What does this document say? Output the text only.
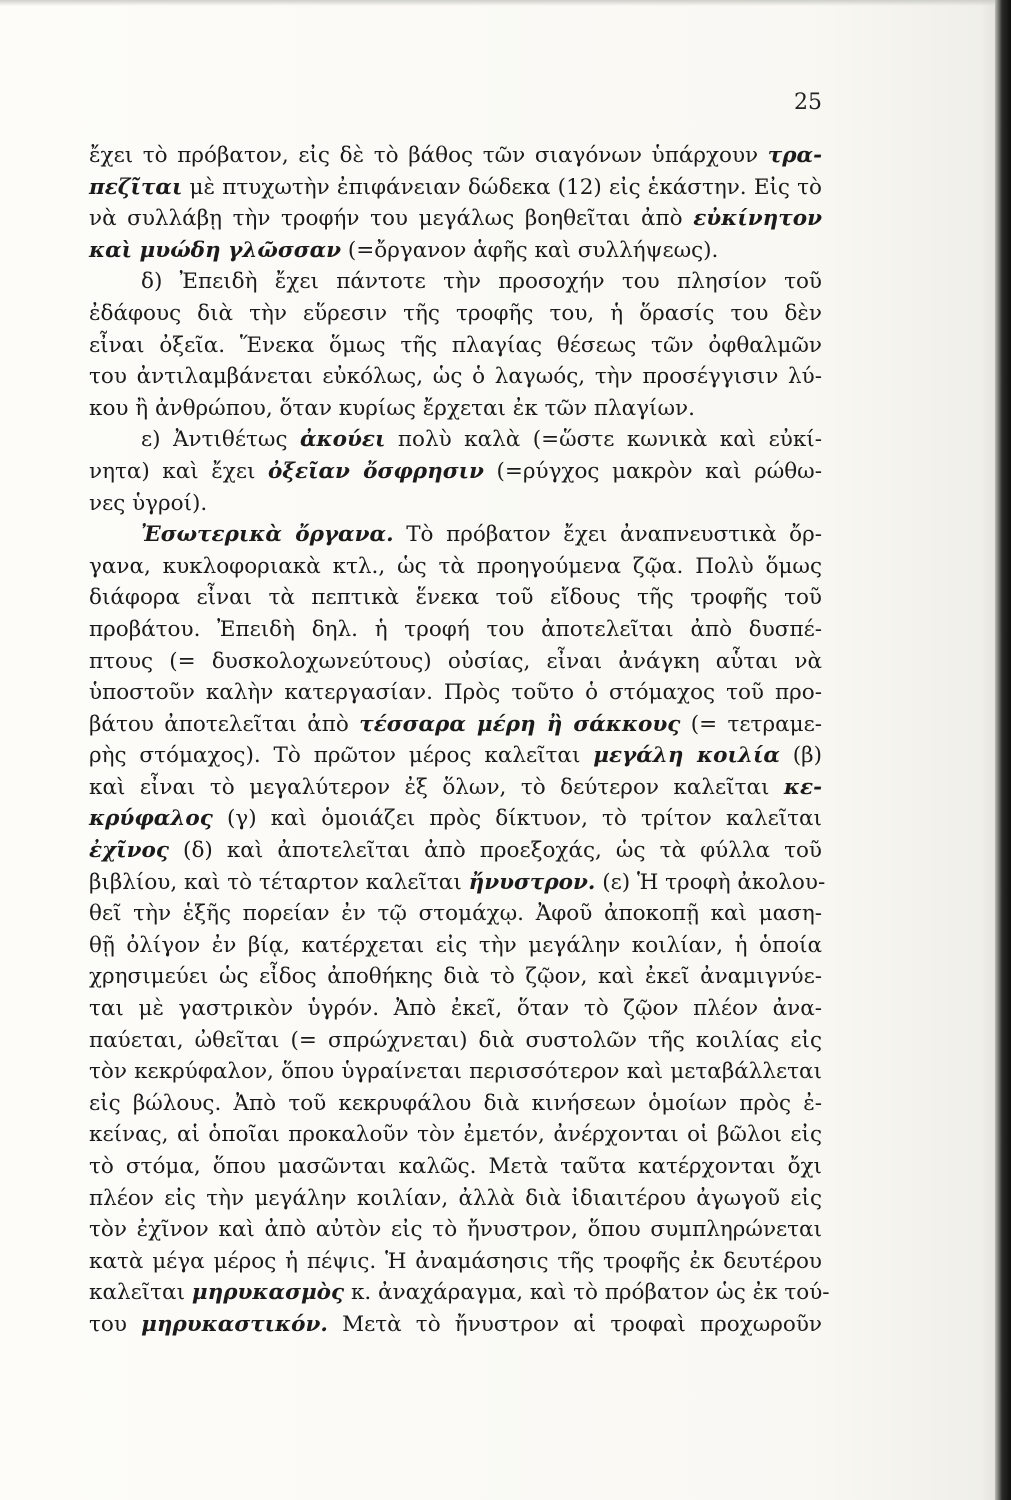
25
ἔχει τὸ πρόβατον, εἰς δὲ τὸ βάθος τῶν σιαγόνων ὑπάρχουν τρα-
πεζῖται μὲ πτυχωτὴν ἐπιφάνειαν δώδεκα (12) εἰς ἑκάστην. Εἰς τὸ
νὰ συλλάβῃ τὴν τροφήν του μεγάλως βοηθεῖται ἀπὸ εὐκίνητον
καὶ μυώδη γλῶσσαν (=ὄργανον ἁφῆς καὶ συλλήψεως).
δ) Ἐπειδὴ ἔχει πάντοτε τὴν προσοχήν του πλησίον τοῦ
ἐδάφους διὰ τὴν εὕρεσιν τῆς τροφῆς του, ἡ ὅρασίς του δὲν
εἶναι ὀξεῖα. Ἕνεκα ὅμως τῆς πλαγίας θέσεως τῶν ὀφθαλμῶν
του ἀντιλαμβάνεται εὐκόλως, ὡς ὁ λαγωός, τὴν προσέγγισιν λύ-
κου ἢ ἀνθρώπου, ὅταν κυρίως ἔρχεται ἐκ τῶν πλαγίων.
ε) Ἀντιθέτως ἀκούει πολὺ καλὰ (=ὥστε κωνικὰ καὶ εὐκί-
νητα) καὶ ἔχει ὀξεῖαν ὄσφρησιν (=ρύγχος μακρὸν καὶ ρώθω-
νες ὑγροί).
Ἐσωτερικὰ ὄργανα. Τὸ πρόβατον ἔχει ἀναπνευστικὰ ὄρ-
γανα, κυκλοφοριακὰ κτλ., ὡς τὰ προηγούμενα ζῷα. Πολὺ ὅμως
διάφορα εἶναι τὰ πεπτικὰ ἕνεκα τοῦ εἴδους τῆς τροφῆς τοῦ
προβάτου. Ἐπειδὴ δηλ. ἡ τροφή του ἀποτελεῖται ἀπὸ δυσπέ-
πτους (= δυσκολοχωνεύτους) οὐσίας, εἶναι ἀνάγκη αὗται νὰ
ὑποστοῦν καλὴν κατεργασίαν. Πρὸς τοῦτο ὁ στόμαχος τοῦ προ-
βάτου ἀποτελεῖται ἀπὸ τέσσαρα μέρη ἢ σάκκους (= τετραμε-
ρὴς στόμαχος). Τὸ πρῶτον μέρος καλεῖται μεγάλη κοιλία (β)
καὶ εἶναι τὸ μεγαλύτερον ἐξ ὅλων, τὸ δεύτερον καλεῖται κε-
κρύφαλος (γ) καὶ ὁμοιάζει πρὸς δίκτυον, τὸ τρίτον καλεῖται
ἐχῖνος (δ) καὶ ἀποτελεῖται ἀπὸ προεξοχάς, ὡς τὰ φύλλα τοῦ
βιβλίου, καὶ τὸ τέταρτον καλεῖται ἤνυστρον. (ε) Ἡ τροφὴ ἀκολου-
θεῖ τὴν ἑξῆς πορείαν ἐν τῷ στομάχῳ. Ἀφοῦ ἀποκοπῇ καὶ μαση-
θῇ ὀλίγον ἐν βίᾳ, κατέρχεται εἰς τὴν μεγάλην κοιλίαν, ἡ ὁποία
χρησιμεύει ὡς εἶδος ἀποθήκης διὰ τὸ ζῷον, καὶ ἐκεῖ ἀναμιγνύε-
ται μὲ γαστρικὸν ὑγρόν. Ἀπὸ ἐκεῖ, ὅταν τὸ ζῷον πλέον ἀνα-
παύεται, ὠθεῖται (= σπρώχνεται) διὰ συστολῶν τῆς κοιλίας εἰς
τὸν κεκρύφαλον, ὅπου ὑγραίνεται περισσότερον καὶ μεταβάλλεται
εἰς βώλους. Ἀπὸ τοῦ κεκρυφάλου διὰ κινήσεων ὁμοίων πρὸς ἐ-
κείνας, αἱ ὁποῖαι προκαλοῦν τὸν ἐμετόν, ἀνέρχονται οἱ βῶλοι εἰς
τὸ στόμα, ὅπου μασῶνται καλῶς. Μετὰ ταῦτα κατέρχονται ὄχι
πλέον εἰς τὴν μεγάλην κοιλίαν, ἀλλὰ διὰ ἰδιαιτέρου ἀγωγοῦ εἰς
τὸν ἐχῖνον καὶ ἀπὸ αὐτὸν εἰς τὸ ἤνυστρον, ὅπου συμπληρώνεται
κατὰ μέγα μέρος ἡ πέψις. Ἡ ἀναμάσησις τῆς τροφῆς ἐκ δευτέρου
καλεῖται μηρυκασμὸς κ. ἀναχάραγμα, καὶ τὸ πρόβατον ὡς ἐκ τού-
του μηρυκαστικόν. Μετὰ τὸ ἤνυστρον αἱ τροφαὶ προχωροῦν
